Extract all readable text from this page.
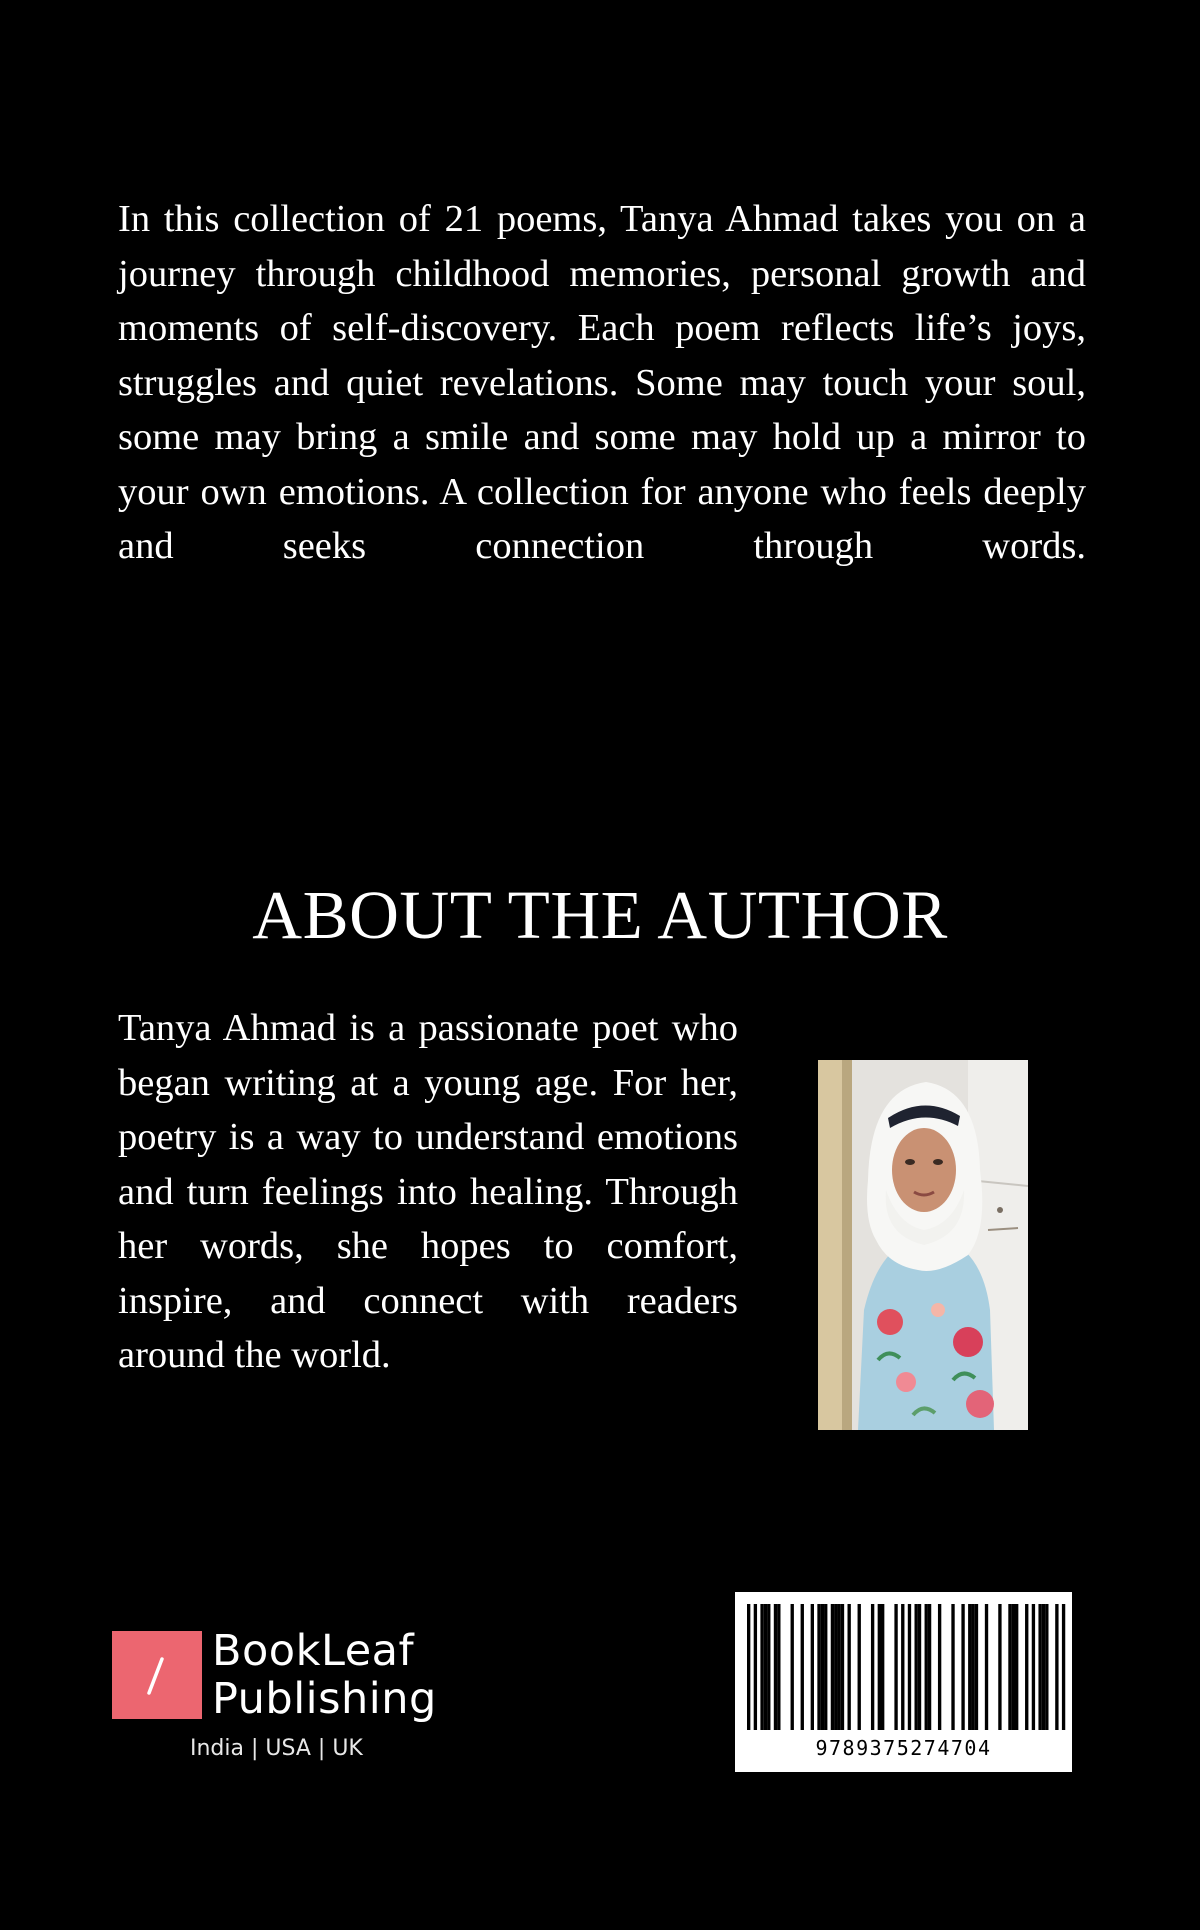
In this collection of 21 poems, Tanya Ahmad takes you on a journey through childhood memories, personal growth and moments of self-discovery. Each poem reflects life’s joys, struggles and quiet revelations. Some may touch your soul, some may bring a smile and some may hold up a mirror to your own emotions. A collection for anyone who feels deeply and seeks connection through words.

ABOUT THE AUTHOR

Tanya Ahmad is a passionate poet who began writing at a young age. For her, poetry is a way to understand emotions and turn feelings into healing. Through her words, she hopes to comfort, inspire, and connect with readers around the world.

BookLeaf
Publishing
India | USA | UK	9789375274704
